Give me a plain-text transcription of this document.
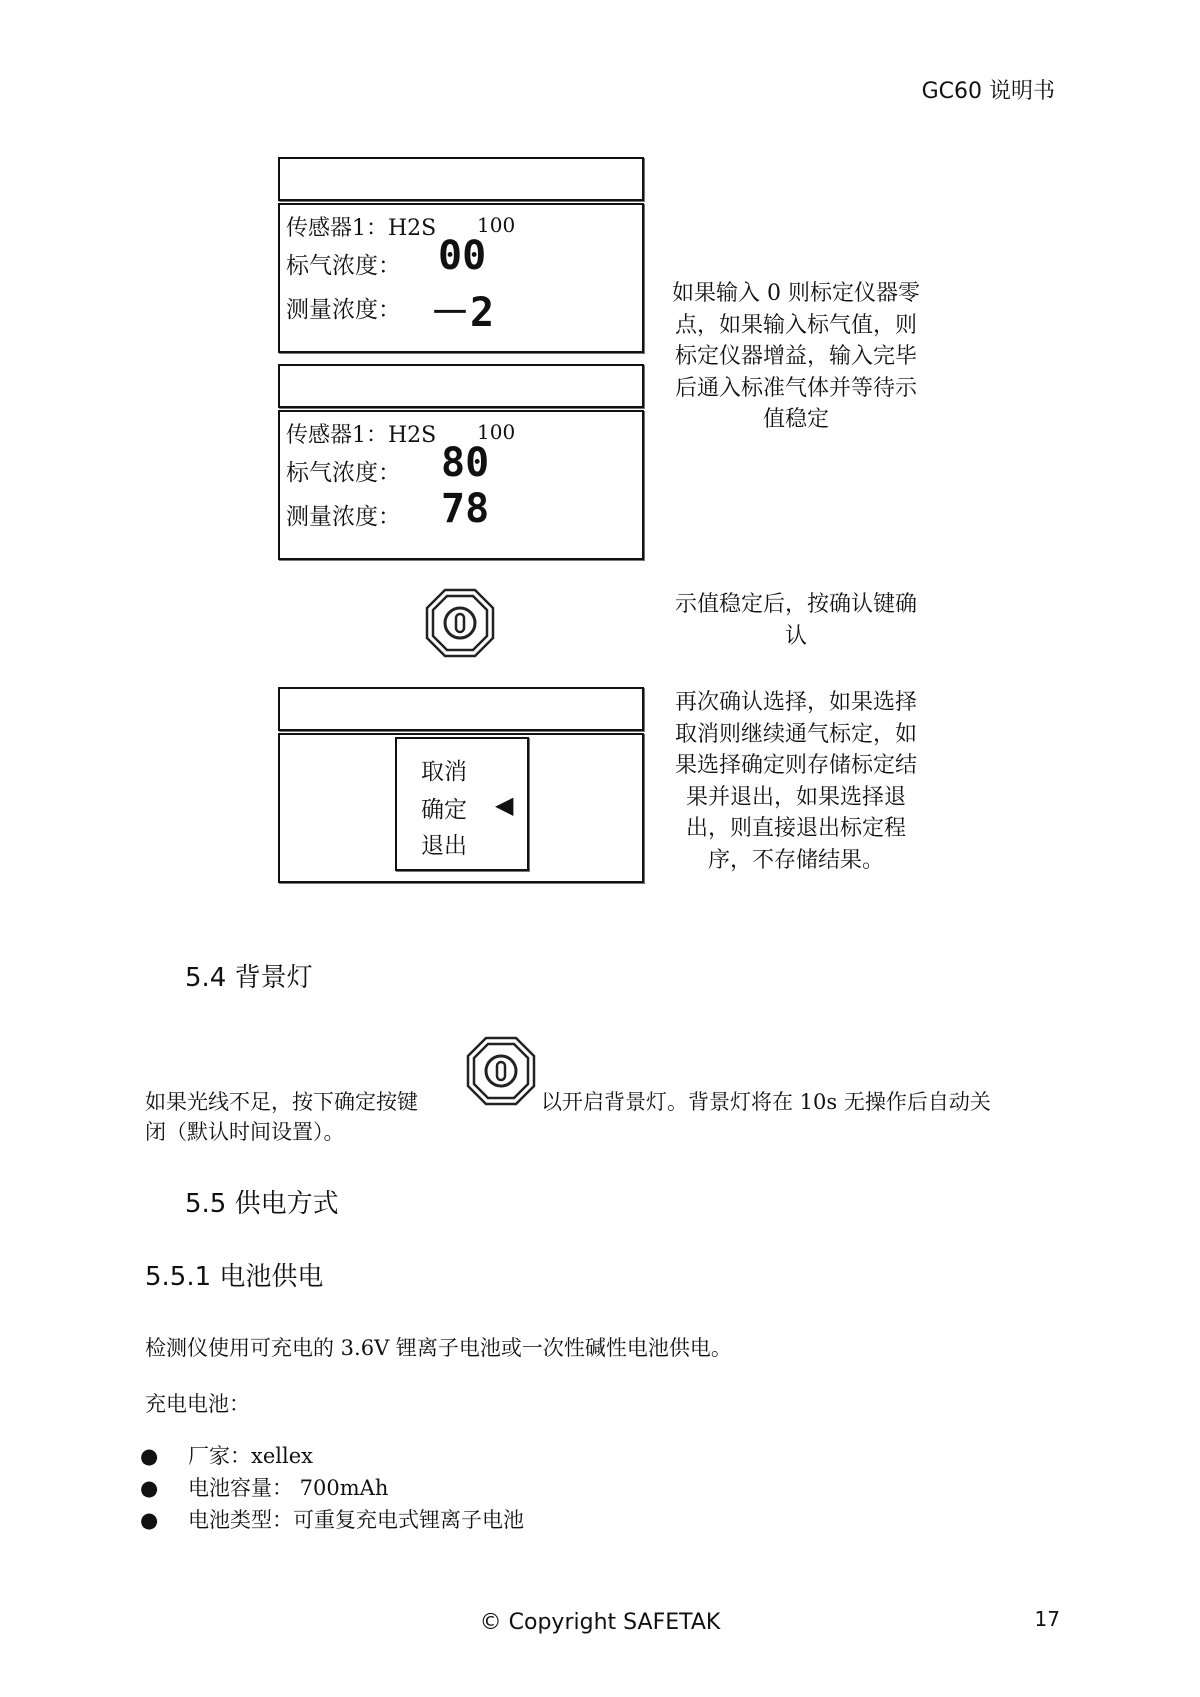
GC60 说明书
传感器1：H2S 100
标气浓度： 00
测量浓度： －2
传感器1：H2S 100
标气浓度： 80
测量浓度： 78
取消
确定
退出
◀
如果输入 0 则标定仪器零
点，如果输入标气值，则
标定仪器增益，输入完毕
后通入标准气体并等待示
值稳定
示值稳定后，按确认键确
认
再次确认选择，如果选择
取消则继续通气标定，如
果选择确定则存储标定结
果并退出，如果选择退
出，则直接退出标定程
序，不存储结果。
5.4 背景灯
如果光线不足，按下确定按键	以开启背景灯。背景灯将在 10s 无操作后自动关
闭（默认时间设置）。
5.5 供电方式
5.5.1 电池供电
检测仪使用可充电的 3.6V 锂离子电池或一次性碱性电池供电。
充电电池：
● 厂家：xellex
● 电池容量： 700mAh
● 电池类型：可重复充电式锂离子电池
© Copyright SAFETAK	17
